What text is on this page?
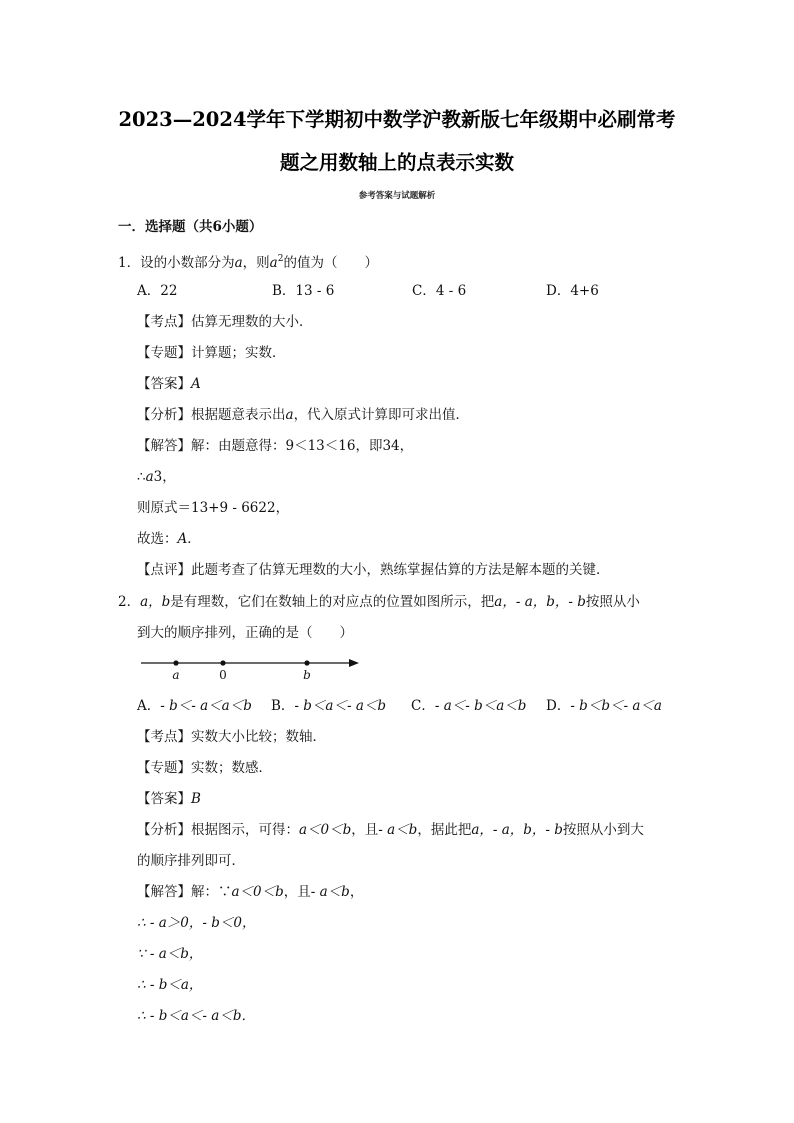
2023—2024学年下学期初中数学沪教新版七年级期中必刷常考
题之用数轴上的点表示实数
参考答案与试题解析
一．选择题（共6小题）
1．设的小数部分为a，则$a^2$的值为（　　）
A．22	B．13 - 6	C．4 - 6	D．4+6
【考点】估算无理数的大小．
【专题】计算题；实数．
【答案】A
【分析】根据题意表示出a，代入原式计算即可求出值．
【解答】解：由题意得：9＜13＜16，即34，
∴a3，
则原式＝13+9 - 6622，
故选：A．
【点评】此题考查了估算无理数的大小，熟练掌握估算的方法是解本题的关键．
2．a，b是有理数，它们在数轴上的对应点的位置如图所示，把a，- a，b，- b按照从小
到大的顺序排列，正确的是（　　）
a	0	b
A．- b＜- a＜a＜b B．- b＜a＜- a＜b C．- a＜- b＜a＜b D．- b＜b＜- a＜a
【考点】实数大小比较；数轴．
【专题】实数；数感．
【答案】B
【分析】根据图示，可得：a＜0＜b，且- a＜b，据此把a，- a，b，- b按照从小到大
的顺序排列即可．
【解答】解：∵a＜0＜b，且- a＜b，
∴ - a＞0，- b＜0，
∵ - a＜b，
∴ - b＜a，
∴ - b＜a＜- a＜b．
